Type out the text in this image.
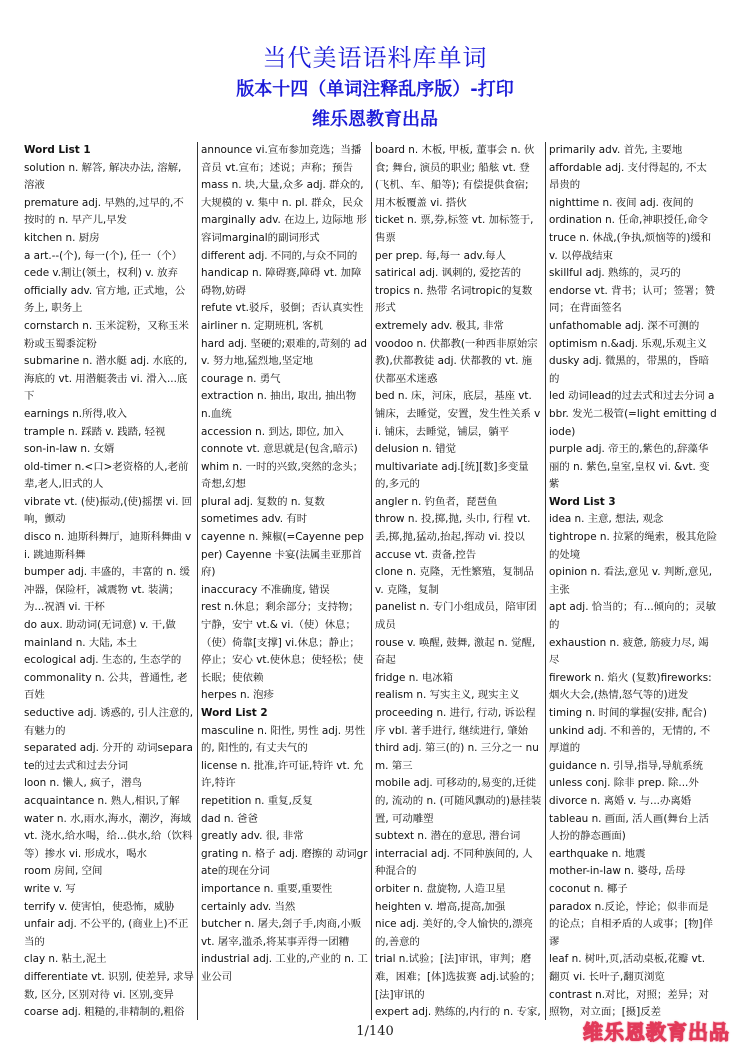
当代美语语料库单词
版本十四（单词注释乱序版）-打印
维乐恩教育出品

Word List 1

solution n. 解答, 解决办法, 溶解, 溶液

premature adj. 早熟的,过早的,不按时的 n. 早产儿,早发

kitchen n. 厨房

a art.--(个), 每一(个), 任一（个）

cede v.割让(领土，权利) v. 放弃

officially adv. 官方地, 正式地，公务上, 职务上

cornstarch n. 玉米淀粉，又称玉米粉或玉蜀黍淀粉

submarine n. 潜水艇 adj. 水底的,海底的 vt. 用潜艇袭击 vi. 滑入...底下

earnings n.所得,收入

trample n. 踩踏 v. 践踏, 轻视

son-in-law n. 女婿

old-timer n.<口>老资格的人,老前辈,老人,旧式的人

vibrate vt. (使)振动,(使)摇摆 vi. 回响，颤动

disco n. 迪斯科舞厅，迪斯科舞曲 vi. 跳迪斯科舞

bumper adj. 丰盛的，丰富的 n. 缓冲器，保险杆，减震物 vt. 装满；为...祝酒 vi. 干杯

do aux. 助动词(无词意) v. 干,做

mainland n. 大陆, 本土

ecological adj. 生态的, 生态学的

commonality n. 公共，普通性, 老百姓

seductive adj. 诱惑的, 引人注意的, 有魅力的

separated adj. 分开的 动词separate的过去式和过去分词

loon n. 懒人, 疯子，潜鸟

acquaintance n. 熟人,相识,了解

water n. 水,雨水,海水，潮汐，海域 vt. 浇水,给水喝，给...供水,给（饮料等）掺水 vi. 形成水，喝水

room 房间, 空间

write v. 写

terrify v. 使害怕，使恐怖，威胁

unfair adj. 不公平的, (商业上)不正当的

clay n. 粘土,泥土

differentiate vt. 识别, 使差异, 求导数, 区分, 区别对待 vi. 区别,变异

coarse adj. 粗糙的,非精制的,粗俗

announce vi.宣布参加竞选；当播音员 vt.宣布；述说；声称；预告

mass n. 块,大量,众多 adj. 群众的,大规模的 v. 集中 n. pl. 群众，民众

marginally adv. 在边上, 边际地 形容词marginal的副词形式

different adj. 不同的,与众不同的

handicap n. 障碍赛,障碍 vt. 加障碍物,妨碍

refute vt.驳斥，驳倒；否认真实性

airliner n. 定期班机, 客机

hard adj. 坚硬的;艰难的,苛刻的 adv. 努力地,猛烈地,坚定地

courage n. 勇气

extraction n. 抽出, 取出, 抽出物 n.血统

accession n. 到达, 即位, 加入

connote vt. 意思就是(包含,暗示)

whim n. 一时的兴致,突然的念头；奇想,幻想

plural adj. 复数的 n. 复数

sometimes adv. 有时

cayenne n. 辣椒(=Cayenne pepper) Cayenne 卡宴(法属圭亚那首府)

inaccuracy 不准确度, 错误

rest n.休息；剩余部分；支持物；宁静，安宁 vt.& vi.（使）休息；（使）倚靠[支撑] vi.休息；静止；停止；安心 vt.使休息；使轻松；使长眠；使依赖

herpes n. 泡疹

Word List 2

masculine n. 阳性, 男性 adj. 男性的, 阳性的, 有丈夫气的

license n. 批准,许可证,特许 vt. 允许,特许

repetition n. 重复,反复

dad n. 爸爸

greatly adv. 很, 非常

grating n. 格子 adj. 磨擦的 动词grate的现在分词

importance n. 重要,重要性

certainly adv. 当然

butcher n. 屠夫,刽子手,肉商,小贩 vt. 屠宰,滥杀,将某事弄得一团糟

industrial adj. 工业的,产业的 n. 工业公司

board n. 木板, 甲板, 董事会 n. 伙食; 舞台, 演员的职业; 船舷 vt. 登(飞机、车、船等); 有偿提供食宿; 用木板覆盖 vi. 搭伙

ticket n. 票,券,标签 vt. 加标签于,售票

per prep. 每,每一 adv.每人

satirical adj. 讽刺的, 爱挖苦的

tropics n. 热带 名词tropic的复数形式

extremely adv. 极其, 非常

voodoo n. 伏都教(一种西非原始宗教),伏都教徒 adj. 伏都教的 vt. 施伏都巫术迷惑

bed n. 床，河床，底层，基座 vt. 铺床，去睡觉，安置，发生性关系 vi. 铺床，去睡觉，铺层，躺平

delusion n. 错觉

multivariate adj.[统][数]多变量的,多元的

angler n. 钓鱼者，琵琶鱼

throw n. 投,掷,抛, 头巾, 行程 vt. 丢,掷,抛,猛动,抬起,挥动 vi. 投以

accuse vt. 责备,控告

clone n. 克隆，无性繁殖，复制品 v. 克隆，复制

panelist n. 专门小组成员，陪审团成员

rouse v. 唤醒, 鼓舞, 激起 n. 觉醒,奋起

fridge n. 电冰箱

realism n. 写实主义, 现实主义

proceeding n. 进行, 行动, 诉讼程序 vbl. 著手进行, 继续进行, 肇始

third adj. 第三(的) n. 三分之一 num. 第三

mobile adj. 可移动的,易变的,迁徙的, 流动的 n. (可随风飘动的)悬挂装置, 可动雕塑

subtext n. 潜在的意思, 潜台词

interracial adj. 不同种族间的, 人种混合的

orbiter n. 盘旋物, 人造卫星

heighten v. 增高,提高,加强

nice adj. 美好的,令人愉快的,漂亮的,善意的

trial n.试验；[法]审讯，审判；磨难，困难；[体]选拔赛 adj.试验的；[法]审讯的

expert adj. 熟练的,内行的 n. 专家,

primarily adv. 首先, 主要地

affordable adj. 支付得起的, 不太昂贵的

nighttime n. 夜间 adj. 夜间的

ordination n. 任命,神职授任,命令

truce n. 休战,(争执,烦恼等的)缓和 v. 以停战结束

skillful adj. 熟练的，灵巧的

endorse vt. 背书；认可；签署；赞同；在背面签名

unfathomable adj. 深不可测的

optimism n.&adj. 乐观,乐观主义

dusky adj. 微黑的，带黑的，昏暗的

led 动词lead的过去式和过去分词 abbr. 发光二极管(=light emitting diode)

purple adj. 帝王的,紫色的,辞藻华丽的 n. 紫色,皇室,皇权 vi. &vt. 变紫

Word List 3

idea n. 主意, 想法, 观念

tightrope n. 拉紧的绳索，极其危险的处境

opinion n. 看法,意见 v. 判断,意见,主张

apt adj. 恰当的；有...倾向的；灵敏的

exhaustion n. 疲惫, 筋疲力尽, 竭尽

firework n. 焰火 (复数)fireworks:烟火大会,(热情,怒气等的)迸发

timing n. 时间的掌握(安排, 配合)

unkind adj. 不和善的，无情的, 不厚道的

guidance n. 引导,指导,导航系统

unless conj. 除非 prep. 除...外

divorce n. 离婚 v. 与...办离婚

tableau n. 画面, 活人画(舞台上活人扮的静态画面)

earthquake n. 地震

mother-in-law n. 婆母, 岳母

coconut n. 椰子

paradox n.反论，悖论；似非而是的论点；自相矛盾的人或事；[物]佯谬

leaf n. 树叶,页,活动桌板,花瓣 vt. 翻页 vi. 长叶子,翻页浏览

contrast n.对比，对照；差异；对照物，对立面；[摄]反差

1/140	维乐恩教育出品
